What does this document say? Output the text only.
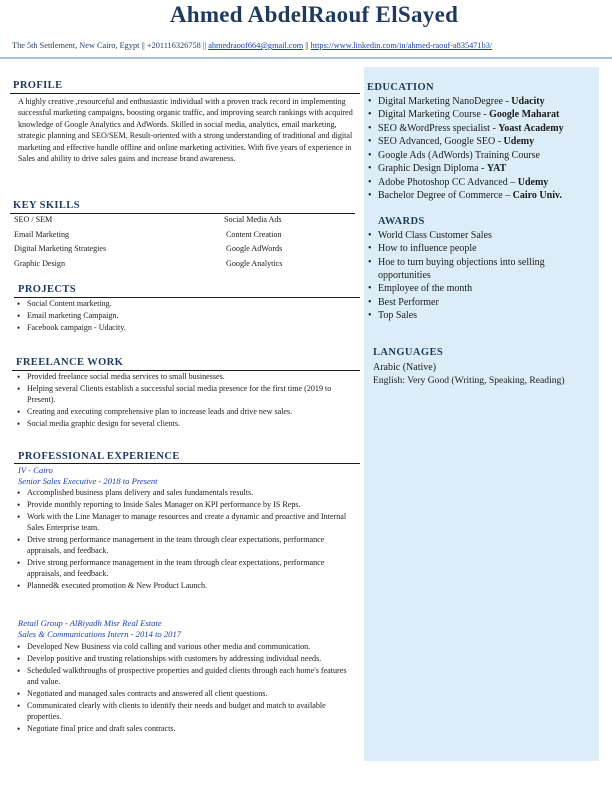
Ahmed AbdelRaouf ElSayed
The 5th Settlement, New Cairo, Egypt || +201116326758 || ahmedraoof664@gmail.com || https://www.linkedin.com/in/ahmed-raouf-a835471b3/
PROFILE
A highly creative ,resourceful and enthusiastic individual with a proven track record in implementing successful marketing campaigns, boosting organic traffic, and improving search rankings with acquired knowledge of Google Analytics and AdWords. Skilled in social media, analytics, email marketing, strategic planning and SEO/SEM. Result-oriented with a strong understanding of traditional and digital marketing and effective handle offline and online marketing activities. With five years of experience in Sales and ability to drive sales gains and increase brand awareness.
KEY SKILLS
SEO / SEM	Social Media Ads
Email Marketing	Content Creation
Digital Marketing Strategies	Google AdWords
Graphic Design	Google Analytics
PROJECTS
• Social Content marketing.
• Email marketing Campaign.
• Facebook campaign - Udacity.
FREELANCE WORK
• Provided freelance social media services to small businesses.
• Helping several Clients establish a successful social media presence for the first time (2019 to Present).
• Creating and executing comprehensive plan to increase leads and drive new sales.
• Social media graphic design for several clients.
PROFESSIONAL EXPERIENCE
IV - Cairo
Senior Sales Executive - 2018 to Present
• Accomplished business plans delivery and sales fundamentals results.
• Provide monthly reporting to Inside Sales Manager on KPI performance by IS Reps.
• Work with the Line Manager to manage resources and create a dynamic and proactive and Internal Sales Enterprise team.
• Drive strong performance management in the team through clear expectations, performance appraisals, and feedback.
• Drive strong performance management in the team through clear expectations, performance appraisals, and feedback.
• Planned& executed promotion & New Product Launch.
Retail Group - AlRiyadh Misr Real Estate
Sales & Communications Intern - 2014 to 2017
• Developed New Business via cold calling and various other media and communication.
• Develop positive and trusting relationships with customers by addressing individual needs.
• Scheduled walkthroughs of prospective properties and guided clients through each home's features and value.
• Negotiated and managed sales contracts and answered all client questions.
• Communicated clearly with clients to identify their needs and budget and match to available properties.
• Negotiate final price and draft sales contracts.
EDUCATION
• Digital Marketing NanoDegree - Udacity
• Digital Marketing Course - Google Maharat
• SEO &WordPress specialist - Yoast Academy
• SEO Advanced, Google SEO - Udemy
• Google Ads (AdWords) Training Course
• Graphic Design Diploma - YAT
• Adobe Photoshop CC Advanced – Udemy
• Bachelor Degree of Commerce – Cairo Univ.
AWARDS
• World Class Customer Sales
• How to influence people
• Hoe to turn buying objections into selling opportunities
• Employee of the month
• Best Performer
• Top Sales
LANGUAGES
Arabic (Native)
English: Very Good (Writing, Speaking, Reading)
